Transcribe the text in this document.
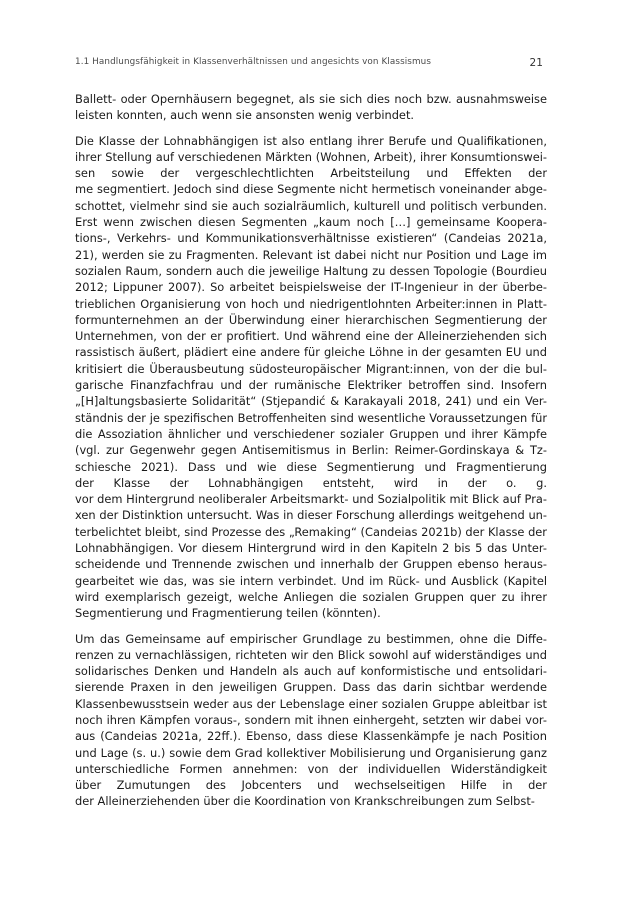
1.1 Handlungsfähigkeit in Klassenverhältnissen und angesichts von Klassismus	21
Ballett- oder Opernhäusern begegnet, als sie sich dies noch bzw. ausnahmsweise
leisten konnten, auch wenn sie ansonsten wenig verbindet.
Die Klasse der Lohnabhängigen ist also entlang ihrer Berufe und Qualifikationen,
ihrer Stellung auf verschiedenen Märkten (Wohnen, Arbeit), ihrer Konsumtionswei-
sen sowie der vergeschlechtlichten Arbeitsteilung und Effekten der
me segmentiert. Jedoch sind diese Segmente nicht hermetisch voneinander abge-
schottet, vielmehr sind sie auch sozialräumlich, kulturell und politisch verbunden.
Erst wenn zwischen diesen Segmenten „kaum noch […] gemeinsame Koopera-
tions-, Verkehrs- und Kommunikationsverhältnisse existieren“ (Candeias 2021a,
21), werden sie zu Fragmenten. Relevant ist dabei nicht nur Position und Lage im
sozialen Raum, sondern auch die jeweilige Haltung zu dessen Topologie (Bourdieu
2012; Lippuner 2007). So arbeitet beispielsweise der IT-Ingenieur in der überbe-
trieblichen Organisierung von hoch und niedrigentlohnten Arbeiter:innen in Platt-
formunternehmen an der Überwindung einer hierarchischen Segmentierung der
Unternehmen, von der er profitiert. Und während eine der Alleinerziehenden sich
rassistisch äußert, plädiert eine andere für gleiche Löhne in der gesamten EU und
kritisiert die Überausbeutung südosteuropäischer Migrant:innen, von der die bul-
garische Finanzfachfrau und der rumänische Elektriker betroffen sind. Insofern
„[H]altungsbasierte Solidarität“ (Stjepandić & Karakayali 2018, 241) und ein Ver-
ständnis der je spezifischen Betroffenheiten sind wesentliche Voraussetzungen für
die Assoziation ähnlicher und verschiedener sozialer Gruppen und ihrer Kämpfe
(vgl. zur Gegenwehr gegen Antisemitismus in Berlin: Reimer-Gordinskaya & Tz-
schiesche 2021). Dass und wie diese Segmentierung und Fragmentierung
der Klasse der Lohnabhängigen entsteht, wird in der o. g.
vor dem Hintergrund neoliberaler Arbeitsmarkt- und Sozialpolitik mit Blick auf Pra-
xen der Distinktion untersucht. Was in dieser Forschung allerdings weitgehend un-
terbelichtet bleibt, sind Prozesse des „Remaking“ (Candeias 2021b) der Klasse der
Lohnabhängigen. Vor diesem Hintergrund wird in den Kapiteln 2 bis 5 das Unter-
scheidende und Trennende zwischen und innerhalb der Gruppen ebenso heraus-
gearbeitet wie das, was sie intern verbindet. Und im Rück- und Ausblick (Kapitel
wird exemplarisch gezeigt, welche Anliegen die sozialen Gruppen quer zu ihrer
Segmentierung und Fragmentierung teilen (könnten).
Um das Gemeinsame auf empirischer Grundlage zu bestimmen, ohne die Diffe-
renzen zu vernachlässigen, richteten wir den Blick sowohl auf widerständiges und
solidarisches Denken und Handeln als auch auf konformistische und entsolidari-
sierende Praxen in den jeweiligen Gruppen. Dass das darin sichtbar werdende
Klassenbewusstsein weder aus der Lebenslage einer sozialen Gruppe ableitbar ist
noch ihren Kämpfen voraus-, sondern mit ihnen einhergeht, setzten wir dabei vor-
aus (Candeias 2021a, 22ff.). Ebenso, dass diese Klassenkämpfe je nach Position
und Lage (s. u.) sowie dem Grad kollektiver Mobilisierung und Organisierung ganz
unterschiedliche Formen annehmen: von der individuellen Widerständigkeit
über Zumutungen des Jobcenters und wechselseitigen Hilfe in der
der Alleinerziehenden über die Koordination von Krankschreibungen zum Selbst-
